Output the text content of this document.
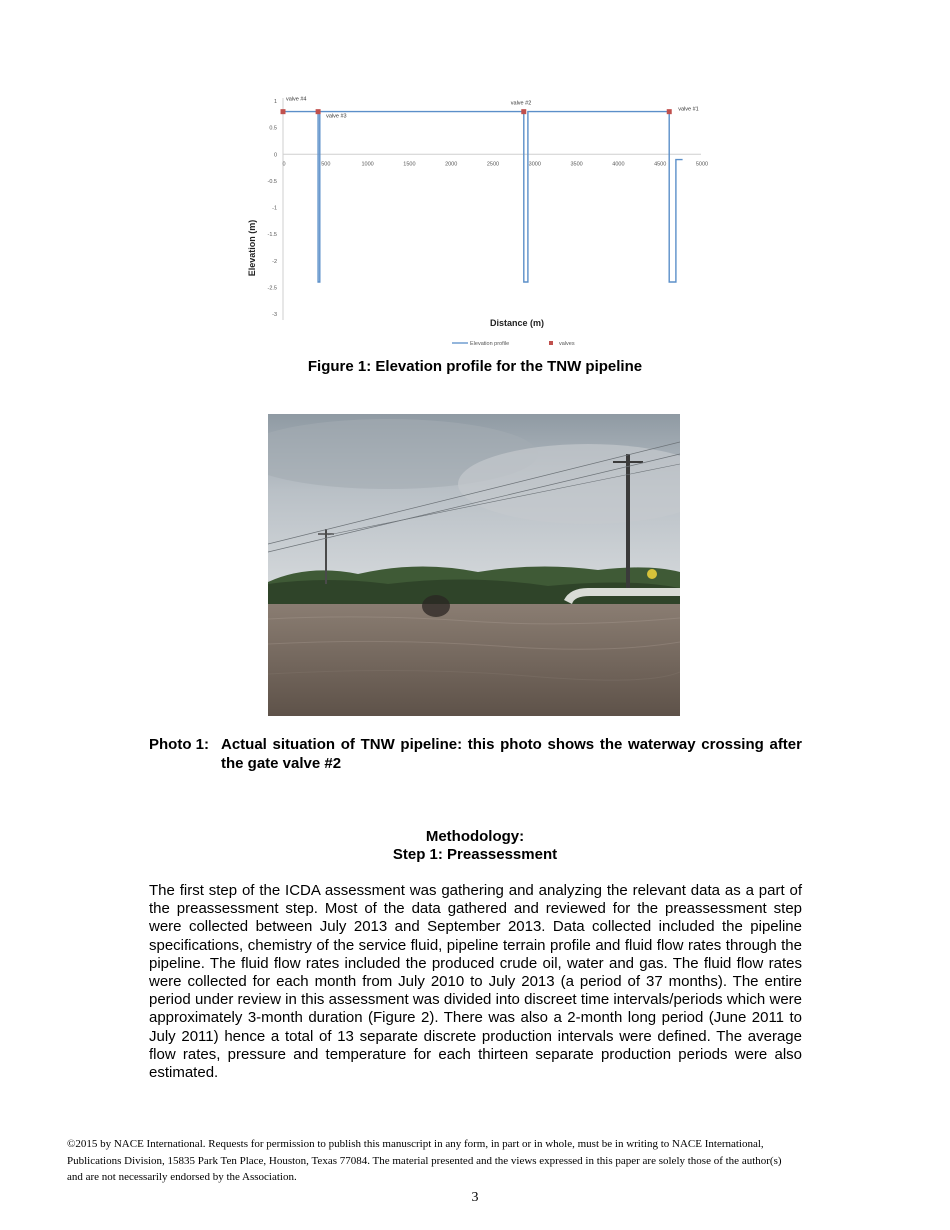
1
0.5
0
-0.5
-1
-1.5
-2
-2.5
-3
0	500	1000	1500	2000	2500	3000	3500	4000	4500	5000
valve #4
valve #3
valve #2
valve #1
Elevation (m)
Distance (m)
Elevation profile	valves
Figure 1: Elevation profile for the TNW pipeline
Photo 1: Actual situation of TNW pipeline: this photo shows the waterway crossing after the gate valve #2
Methodology:
Step 1: Preassessment
The first step of the ICDA assessment was gathering and analyzing the relevant data as a part of the preassessment step. Most of the data gathered and reviewed for the preassessment step were collected between July 2013 and September 2013. Data collected included the pipeline specifications, chemistry of the service fluid, pipeline terrain profile and fluid flow rates through the pipeline. The fluid flow rates included the produced crude oil, water and gas. The fluid flow rates were collected for each month from July 2010 to July 2013 (a period of 37 months). The entire period under review in this assessment was divided into discreet time intervals/periods which were approximately 3-month duration (Figure 2). There was also a 2-month long period (June 2011 to July 2011) hence a total of 13 separate discrete production intervals were defined. The average flow rates, pressure and temperature for each thirteen separate production periods were also estimated.
©2015 by NACE International. Requests for permission to publish this manuscript in any form, in part or in whole, must be in writing to NACE International, Publications Division, 15835 Park Ten Place, Houston, Texas 77084. The material presented and the views expressed in this paper are solely those of the author(s) and are not necessarily endorsed by the Association.
3
